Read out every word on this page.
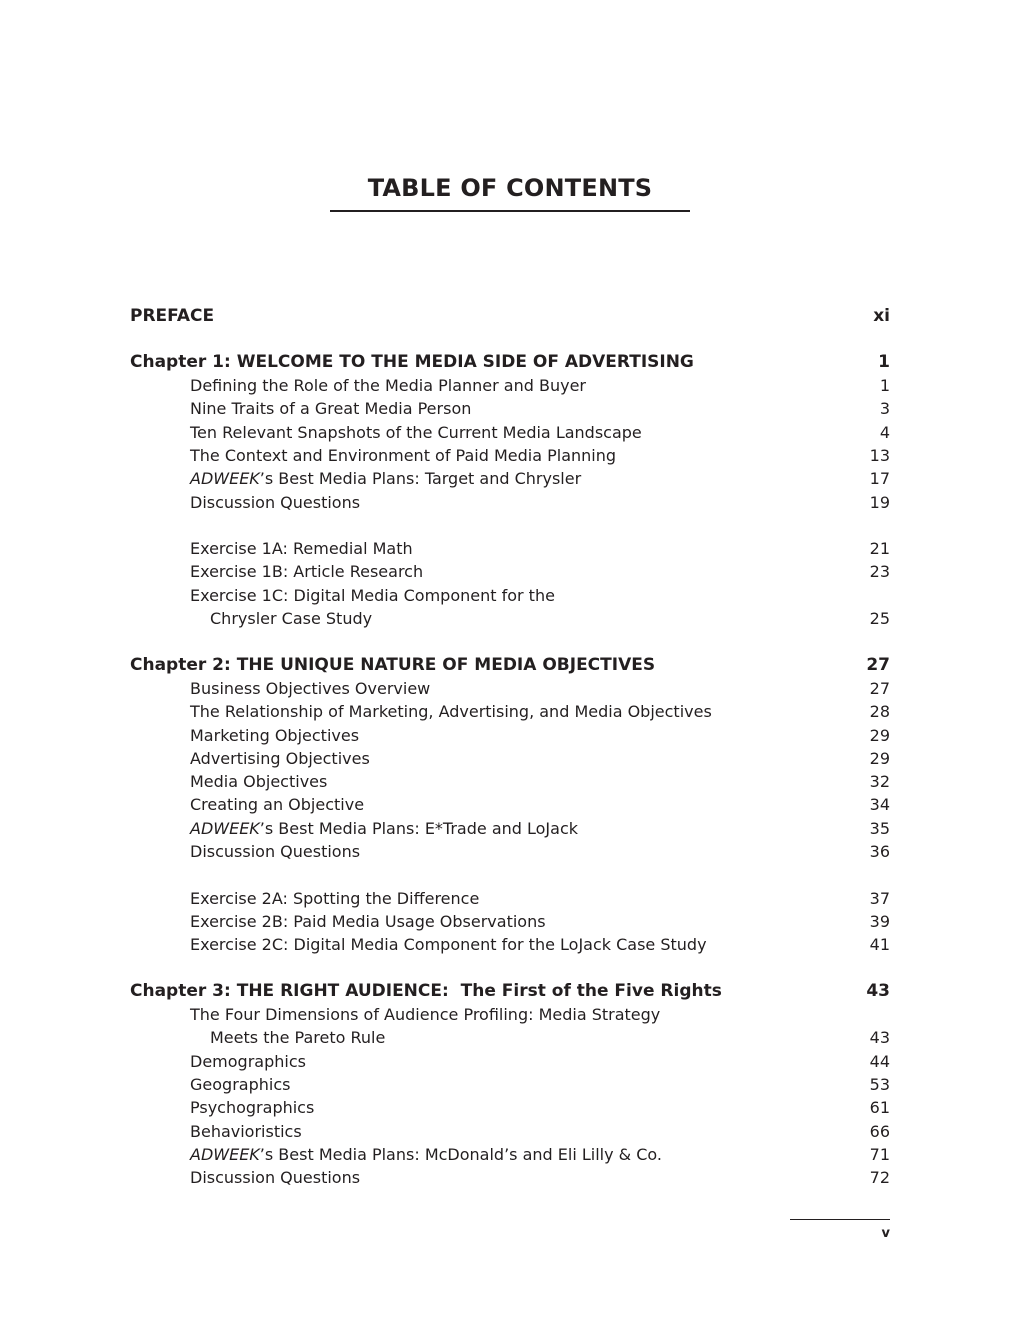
TABLE OF CONTENTS
PREFACE	xi
Chapter 1: WELCOME TO THE MEDIA SIDE OF ADVERTISING	1
Defining the Role of the Media Planner and Buyer	1
Nine Traits of a Great Media Person	3
Ten Relevant Snapshots of the Current Media Landscape	4
The Context and Environment of Paid Media Planning	13
ADWEEK’s Best Media Plans: Target and Chrysler	17
Discussion Questions	19
Exercise 1A: Remedial Math	21
Exercise 1B: Article Research	23
Exercise 1C: Digital Media Component for the
Chrysler Case Study	25
Chapter 2: THE UNIQUE NATURE OF MEDIA OBJECTIVES	27
Business Objectives Overview	27
The Relationship of Marketing, Advertising, and Media Objectives	28
Marketing Objectives	29
Advertising Objectives	29
Media Objectives	32
Creating an Objective	34
ADWEEK’s Best Media Plans: E*Trade and LoJack	35
Discussion Questions	36
Exercise 2A: Spotting the Difference	37
Exercise 2B: Paid Media Usage Observations	39
Exercise 2C: Digital Media Component for the LoJack Case Study	41
Chapter 3: THE RIGHT AUDIENCE:  The First of the Five Rights	43
The Four Dimensions of Audience Profiling: Media Strategy
Meets the Pareto Rule	43
Demographics	44
Geographics	53
Psychographics	61
Behavioristics	66
ADWEEK’s Best Media Plans: McDonald’s and Eli Lilly & Co.	71
Discussion Questions	72
v
